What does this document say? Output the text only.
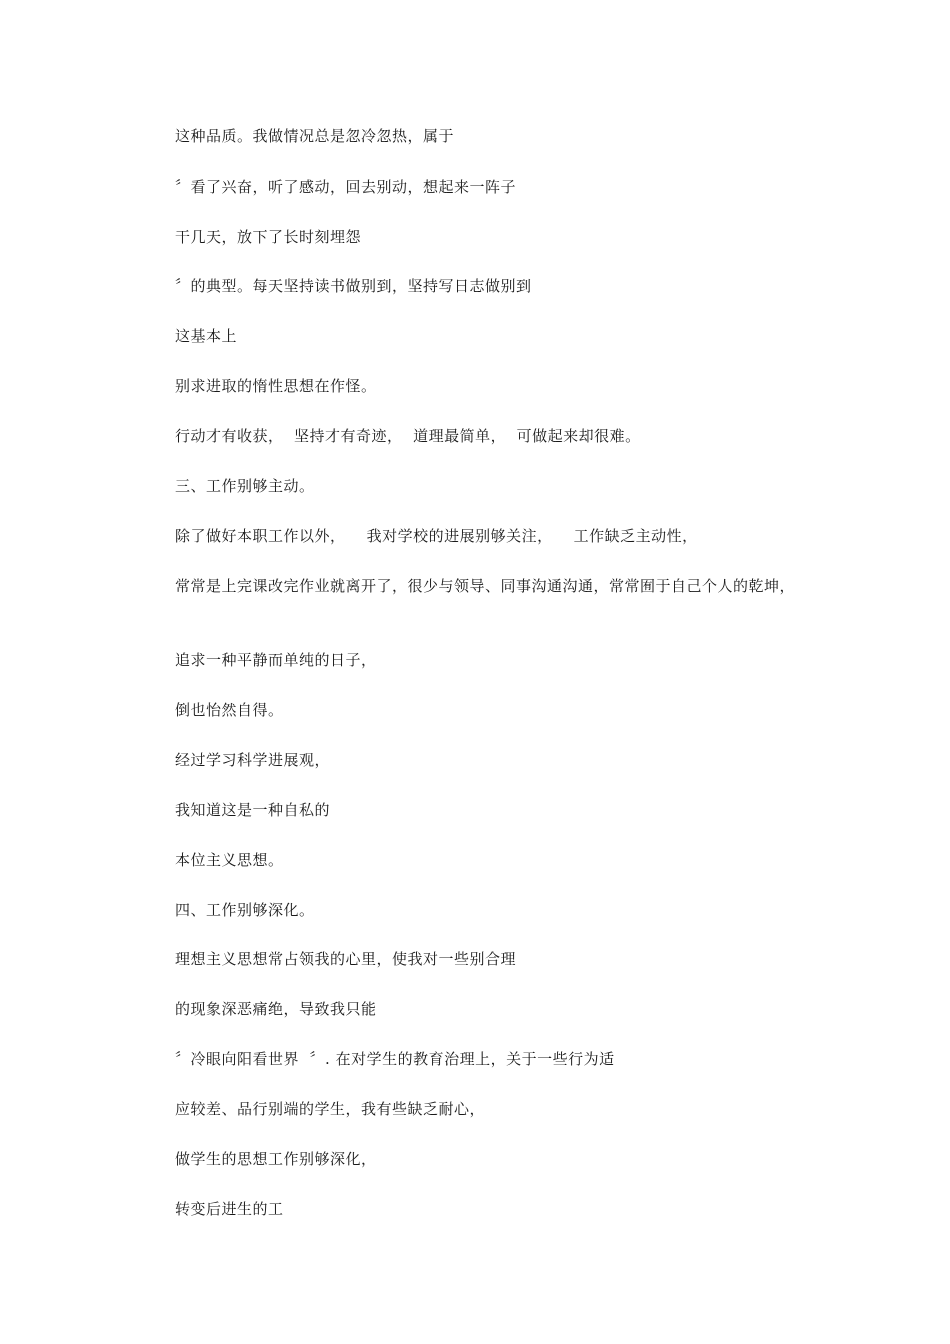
这种品质。我做情况总是忽冷忽热，属于

〞看了兴奋，听了感动，回去别动，想起来一阵子

干几天，放下了长时刻埋怨

〞的典型。每天坚持读书做别到，坚持写日志做别到

这基本上

别求进取的惰性思想在作怪。

行动才有收获，  坚持才有奇迹，  道理最简单，  可做起来却很难。

三、工作别够主动。

除了做好本职工作以外，    我对学校的进展别够关注，    工作缺乏主动性，

常常是上完课改完作业就离开了，很少与领导、同事沟通沟通，常常囿于自己个人的乾坤，

追求一种平静而单纯的日子，

倒也怡然自得。

经过学习科学进展观，

我知道这是一种自私的

本位主义思想。

四、工作别够深化。

理想主义思想常占领我的心里，使我对一些别合理

的现象深恶痛绝，导致我只能

〞冷眼向阳看世界  〞. 在对学生的教育治理上，关于一些行为适

应较差、品行别端的学生，我有些缺乏耐心，

做学生的思想工作别够深化，

转变后进生的工
